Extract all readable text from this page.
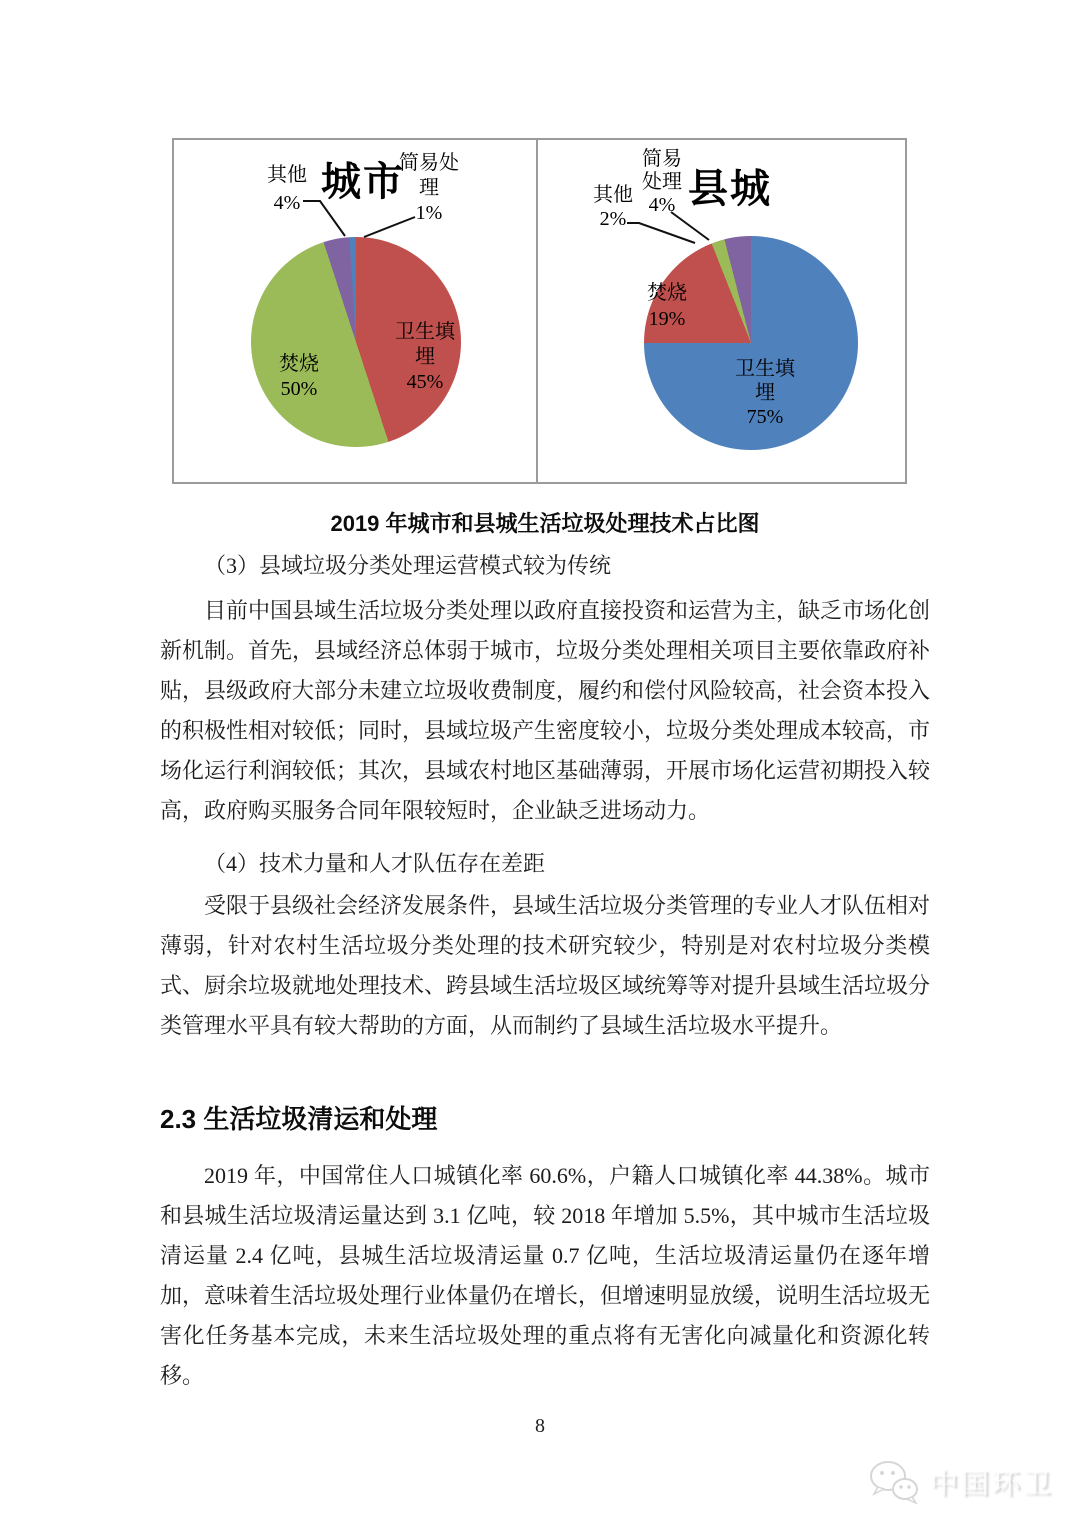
城市
其他
4%
简易处理
1%
卫生填埋
45%
焚烧
50%
县城
简易处理
4%
其他
2%
焚烧
19%
卫生填埋
75%
2019 年城市和县城生活垃圾处理技术占比图
（3）县域垃圾分类处理运营模式较为传统
目前中国县域生活垃圾分类处理以政府直接投资和运营为主，缺乏市场化创新机制。首先，县域经济总体弱于城市，垃圾分类处理相关项目主要依靠政府补贴，县级政府大部分未建立垃圾收费制度，履约和偿付风险较高，社会资本投入的积极性相对较低；同时，县域垃圾产生密度较小，垃圾分类处理成本较高，市场化运行利润较低；其次，县域农村地区基础薄弱，开展市场化运营初期投入较高，政府购买服务合同年限较短时，企业缺乏进场动力。
（4）技术力量和人才队伍存在差距
受限于县级社会经济发展条件，县域生活垃圾分类管理的专业人才队伍相对薄弱，针对农村生活垃圾分类处理的技术研究较少，特别是对农村垃圾分类模式、厨余垃圾就地处理技术、跨县域生活垃圾区域统筹等对提升县域生活垃圾分类管理水平具有较大帮助的方面，从而制约了县域生活垃圾水平提升。
2.3 生活垃圾清运和处理
2019 年，中国常住人口城镇化率 60.6%，户籍人口城镇化率 44.38%。城市和县城生活垃圾清运量达到 3.1 亿吨，较 2018 年增加 5.5%，其中城市生活垃圾清运量 2.4 亿吨，县城生活垃圾清运量 0.7 亿吨，生活垃圾清运量仍在逐年增加，意味着生活垃圾处理行业体量仍在增长，但增速明显放缓，说明生活垃圾无害化任务基本完成，未来生活垃圾处理的重点将有无害化向减量化和资源化转移。
8
中国环卫
